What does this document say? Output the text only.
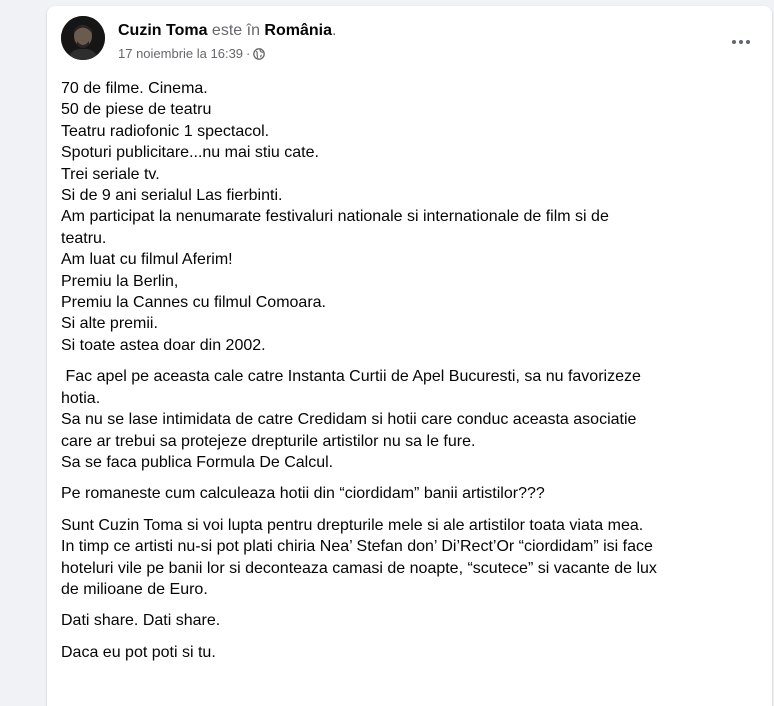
Cuzin Toma este în România.
17 noiembrie la 16:39 ·

70 de filme. Cinema.
50 de piese de teatru
Teatru radiofonic 1 spectacol.
Spoturi publicitare...nu mai stiu cate.
Trei seriale tv.
Si de 9 ani serialul Las fierbinti.
Am participat la nenumarate festivaluri nationale si internationale de film si de
teatru.
Am luat cu filmul Aferim!
Premiu la Berlin,
Premiu la Cannes cu filmul Comoara.
Si alte premii.
Si toate astea doar din 2002.

Fac apel pe aceasta cale catre Instanta Curtii de Apel Bucuresti, sa nu favorizeze
hotia.
Sa nu se lase intimidata de catre Credidam si hotii care conduc aceasta asociatie
care ar trebui sa protejeze drepturile artistilor nu sa le fure.
Sa se faca publica Formula De Calcul.

Pe romaneste cum calculeaza hotii din “ciordidam” banii artistilor???

Sunt Cuzin Toma si voi lupta pentru drepturile mele si ale artistilor toata viata mea.
In timp ce artisti nu-si pot plati chiria Nea’ Stefan don’ Di’Rect’Or “ciordidam” isi face
hoteluri vile pe banii lor si deconteaza camasi de noapte, “scutece” si vacante de lux
de milioane de Euro.

Dati share. Dati share.

Daca eu pot poti si tu.
